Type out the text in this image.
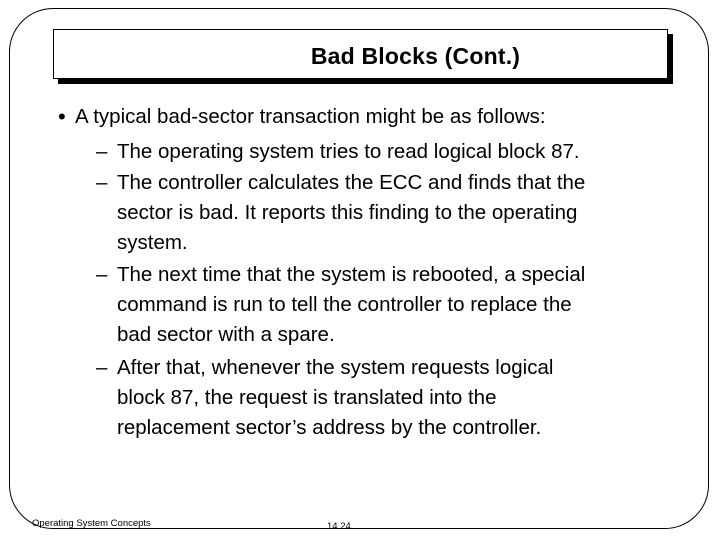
Bad Blocks (Cont.)
• A typical bad-sector transaction might be as follows:
– The operating system tries to read logical block 87.
– The controller calculates the ECC and finds that the
sector is bad. It reports this finding to the operating
system.
– The next time that the system is rebooted, a special
command is run to tell the controller to replace the
bad sector with a spare.
– After that, whenever the system requests logical
block 87, the request is translated into the
replacement sector’s address by the controller.
Operating System Concepts	14.24
